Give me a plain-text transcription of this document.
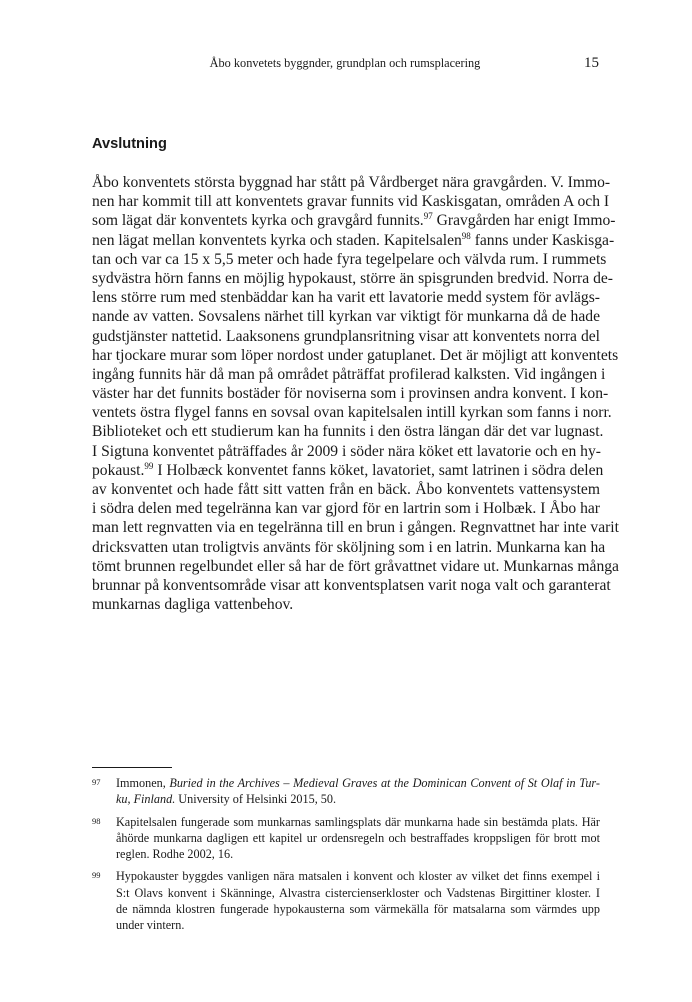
Åbo konvetets byggnder, grundplan och rumsplacering	15
Avslutning
Åbo konventets största byggnad har stått på Vårdberget nära gravgården. V. Immo-
nen har kommit till att konventets gravar funnits vid Kaskisgatan, områden A och I
som lägat där konventets kyrka och gravgård funnits.$^{97}$ Gravgården har enigt Immo-
nen lägat mellan konventets kyrka och staden. Kapitelsalen$^{98}$ fanns under Kaskisga-
tan och var ca 15 x 5,5 meter och hade fyra tegelpelare och välvda rum. I rummets
sydvästra hörn fanns en möjlig hypokaust, större än spisgrunden bredvid. Norra de-
lens större rum med stenbäddar kan ha varit ett lavatorie medd system för avlägs-
nande av vatten. Sovsalens närhet till kyrkan var viktigt för munkarna då de hade
gudstjänster nattetid. Laaksonens grundplansritning visar att konventets norra del
har tjockare murar som löper nordost under gatuplanet. Det är möjligt att konventets
ingång funnits här då man på området påträffat profilerad kalksten. Vid ingången i
väster har det funnits bostäder för noviserna som i provinsen andra konvent. I kon-
ventets östra flygel fanns en sovsal ovan kapitelsalen intill kyrkan som fanns i norr.
Biblioteket och ett studierum kan ha funnits i den östra längan där det var lugnast.
I Sigtuna konventet påträffades år 2009 i söder nära köket ett lavatorie och en hy-
pokaust.$^{99}$ I Holbæck konventet fanns köket, lavatoriet, samt latrinen i södra delen
av konventet och hade fått sitt vatten från en bäck. Åbo konventets vattensystem
i södra delen med tegelränna kan var gjord för en lartrin som i Holbæk. I Åbo har
man lett regnvatten via en tegelränna till en brun i gången. Regnvattnet har inte varit
dricksvatten utan troligtvis använts för sköljning som i en latrin. Munkarna kan ha
tömt brunnen regelbundet eller så har de fört gråvattnet vidare ut. Munkarnas många
brunnar på konventsområde visar att konventsplatsen varit noga valt och garanterat
munkarnas dagliga vattenbehov.
97 Immonen, Buried in the Archives – Medieval Graves at the Dominican Convent of St Olaf in Tur-
ku, Finland. University of Helsinki 2015, 50.
98 Kapitelsalen fungerade som munkarnas samlingsplats där munkarna hade sin bestämda plats. Här
åhörde munkarna dagligen ett kapitel ur ordensregeln och bestraffades kroppsligen för brott mot
reglen. Rodhe 2002, 16.
99 Hypokauster byggdes vanligen nära matsalen i konvent och kloster av vilket det finns exempel i
S:t Olavs konvent i Skänninge, Alvastra cistercienserkloster och Vadstenas Birgittiner kloster. I
de nämnda klostren fungerade hypokausterna som värmekälla för matsalarna som värmdes upp
under vintern.
